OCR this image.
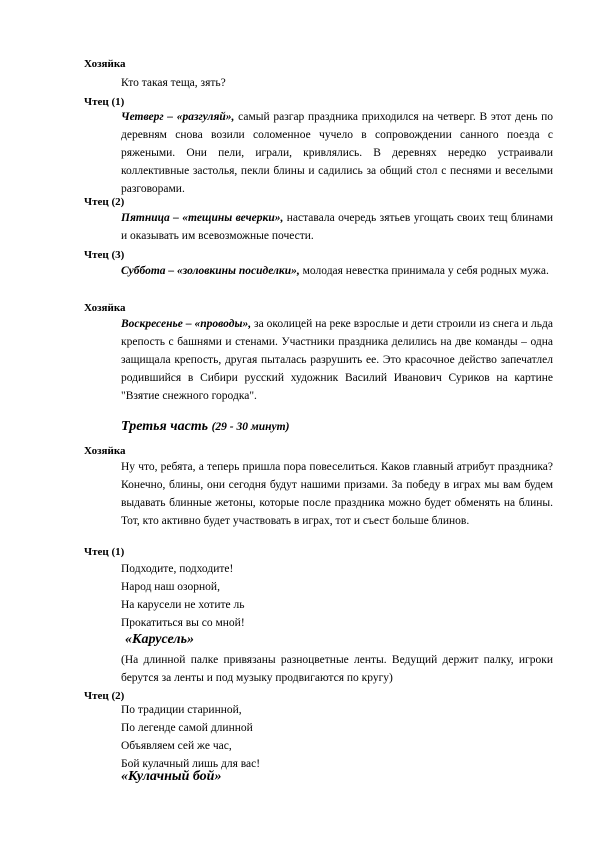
Хозяйка
Кто такая теща, зять?
Чтец (1)
Четверг – «разгуляй», самый разгар праздника приходился на четверг. В этот день по деревням снова возили соломенное чучело в сопровождении санного поезда с ряжеными. Они пели, играли, кривлялись. В деревнях нередко устраивали коллективные застолья, пекли блины и садились за общий стол с песнями и веселыми разговорами.
Чтец (2)
Пятница – «тещины вечерки», наставала очередь зятьев угощать своих тещ блинами и оказывать им всевозможные почести.
Чтец (3)
Суббота – «золовкины посиделки», молодая невестка принимала у себя родных мужа.
Хозяйка
Воскресенье – «проводы», за околицей на реке взрослые и дети строили из снега и льда крепость с башнями и стенами. Участники праздника делились на две команды – одна защищала крепость, другая пыталась разрушить ее. Это красочное действо запечатлел родившийся в Сибири русский художник Василий Иванович Суриков на картине "Взятие снежного городка".
Третья часть (29 - 30 минут)
Хозяйка
Ну что, ребята, а теперь пришла пора повеселиться. Каков главный атрибут праздника? Конечно, блины, они сегодня будут нашими призами. За победу в играх мы вам будем выдавать блинные жетоны, которые после праздника можно будет обменять на блины. Тот, кто активно будет участвовать в играх, тот и съест больше блинов.
Чтец (1)
Подходите, подходите!
Народ наш озорной,
На карусели не хотите ль
Прокатиться вы со мной!
«Карусель»
(На длинной палке привязаны разноцветные ленты. Ведущий держит палку, игроки берутся за ленты и под музыку продвигаются по кругу)
Чтец (2)
По традиции старинной,
По легенде самой длинной
Объявляем сей же час,
Бой кулачный лишь для вас!
«Кулачный бой»
